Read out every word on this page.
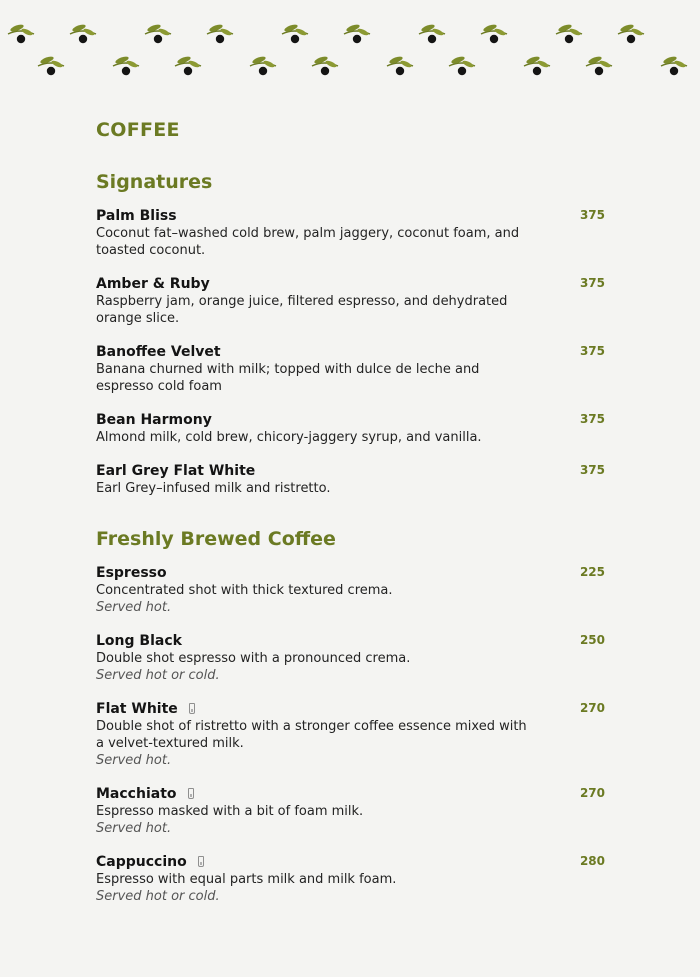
COFFEE
Signatures
Palm Bliss	375

Coconut fat–washed cold brew, palm jaggery, coconut foam, and toasted coconut.

Amber & Ruby	375

Raspberry jam, orange juice, filtered espresso, and dehydrated orange slice.

Banoffee Velvet	375

Banana churned with milk; topped with dulce de leche and espresso cold foam

Bean Harmony	375

Almond milk, cold brew, chicory-jaggery syrup, and vanilla.

Earl Grey Flat White	375

Earl Grey–infused milk and ristretto.

Freshly Brewed Coffee
Espresso	225

Concentrated shot with thick textured crema.

Served hot.

Long Black	250

Double shot espresso with a pronounced crema.

Served hot or cold.

Flat White	270

Double shot of ristretto with a stronger coffee essence mixed with a velvet-textured milk.

Served hot.

Macchiato	270

Espresso masked with a bit of foam milk.

Served hot.

Cappuccino	280

Espresso with equal parts milk and milk foam.

Served hot or cold.
